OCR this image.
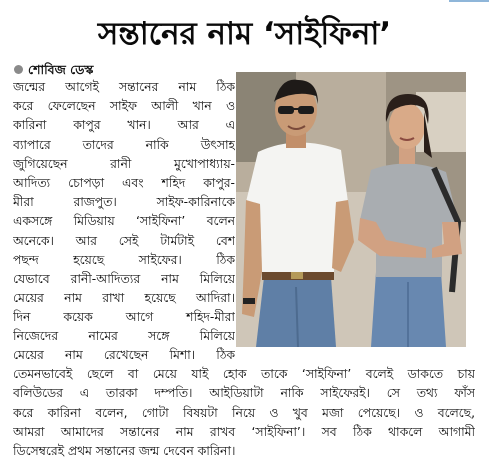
সন্তানের নাম ‘সাইফিনা’
শোবিজ ডেস্ক
জন্মের আগেই সন্তানের নাম ঠিক
করে ফেলেছেন সাইফ আলী খান ও
কারিনা কাপুর খান। আর এ
ব্যাপারে তাদের নাকি উৎসাহ
জুগিয়েছেন রানী মুখোপাধ্যায়-
আদিত্য চোপড়া এবং শহিদ কাপুর-
মীরা রাজপুত। সাইফ-কারিনাকে
একসঙ্গে মিডিয়ায় ‘সাইফিনা’ বলেন
অনেকে। আর সেই টার্মটাই বেশ
পছন্দ হয়েছে সাইফের। ঠিক
যেভাবে রানী-আদিত্যর নাম মিলিয়ে
মেয়ের নাম রাখা হয়েছে আদিরা।
দিন কয়েক আগে শহিদ-মীরা
নিজেদের নামের সঙ্গে মিলিয়ে
মেয়ের নাম রেখেছেন মিশা। ঠিক
তেমনভাবেই ছেলে বা মেয়ে যাই হোক তাকে ‘সাইফিনা’ বলেই ডাকতে চায়
বলিউডের এ তারকা দম্পতি। আইডিয়াটা নাকি সাইফেরই। সে তথ্য ফাঁস
করে কারিনা বলেন, গোটা বিষয়টা নিয়ে ও খুব মজা পেয়েছে। ও বলেছে,
আমরা আমাদের সন্তানের নাম রাখব ‘সাইফিনা’। সব ঠিক থাকলে আগামী
ডিসেম্বরেই প্রথম সন্তানের জন্ম দেবেন কারিনা।
